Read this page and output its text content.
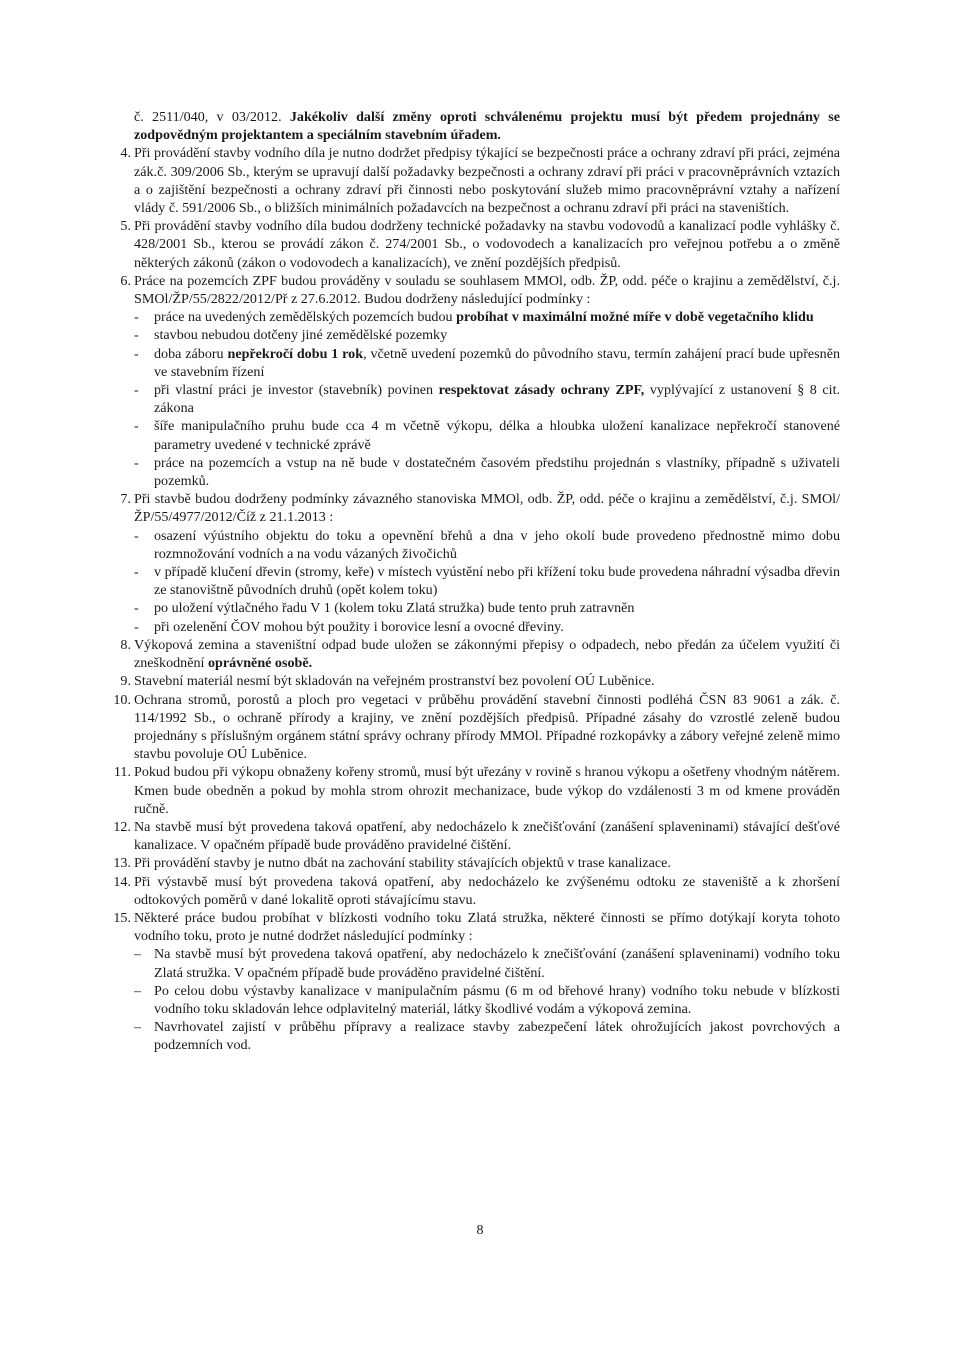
č. 2511/040, v 03/2012. Jakékoliv další změny oproti schválenému projektu musí být předem projednány se zodpovědným projektantem a speciálním stavebním úřadem.

4. Při provádění stavby vodního díla je nutno dodržet předpisy týkající se bezpečnosti práce a ochrany zdraví při práci, zejména zák.č. 309/2006 Sb., kterým se upravují další požadavky bezpečnosti a ochrany zdraví při práci v pracovněprávních vztazích a o zajištění bezpečnosti a ochrany zdraví při činnosti nebo poskytování služeb mimo pracovněprávní vztahy a nařízení vlády č. 591/2006 Sb., o bližších minimálních požadavcích na bezpečnost a ochranu zdraví při práci na staveništích.
5. Při provádění stavby vodního díla budou dodrženy technické požadavky na stavbu vodovodů a kanalizací podle vyhlášky č. 428/2001 Sb., kterou se provádí zákon č. 274/2001 Sb., o vodovodech a kanalizacích pro veřejnou potřebu a o změně některých zákonů (zákon o vodovodech a kanalizacích), ve znění pozdějších předpisů.
6. Práce na pozemcích ZPF budou prováděny v souladu se souhlasem MMOl, odb. ŽP, odd. péče o krajinu a zemědělství, č.j. SMOl/ŽP/55/2822/2012/Př z 27.6.2012. Budou dodrženy následující podmínky :
- práce na uvedených zemědělských pozemcích budou probíhat v maximální možné míře v době vegetačního klidu
- stavbou nebudou dotčeny jiné zemědělské pozemky
- doba záboru nepřekročí dobu 1 rok, včetně uvedení pozemků do původního stavu, termín zahájení prací bude upřesněn ve stavebním řízení
- při vlastní práci je investor (stavebník) povinen respektovat zásady ochrany ZPF, vyplývající z ustanovení § 8 cit. zákona
- šíře manipulačního pruhu bude cca 4 m včetně výkopu, délka a hloubka uložení kanalizace nepřekročí stanovené parametry uvedené v technické zprávě
- práce na pozemcích a vstup na ně bude v dostatečném časovém předstihu projednán s vlastníky, případně s uživateli pozemků.
7. Při stavbě budou dodrženy podmínky závazného stanoviska MMOl, odb. ŽP, odd. péče o krajinu a zemědělství, č.j. SMOl/ŽP/55/4977/2012/Číž z 21.1.2013 :
- osazení výústního objektu do toku a opevnění břehů a dna v jeho okolí bude provedeno přednostně mimo dobu rozmnožování vodních a na vodu vázaných živočichů
- v případě klučení dřevin (stromy, keře) v místech vyústění nebo při křížení toku bude provedena náhradní výsadba dřevin ze stanovištně původních druhů (opět kolem toku)
- po uložení výtlačného řadu V 1 (kolem toku Zlatá stružka) bude tento pruh zatravněn
- při ozelenění ČOV mohou být použity i borovice lesní a ovocné dřeviny.
8. Výkopová zemina a staveništní odpad bude uložen se zákonnými přepisy o odpadech, nebo předán za účelem využití či zneškodnění oprávněné osobě.
9. Stavební materiál nesmí být skladován na veřejném prostranství bez povolení OÚ Luběnice.
10. Ochrana stromů, porostů a ploch pro vegetaci v průběhu provádění stavební činnosti podléhá ČSN 83 9061 a zák. č. 114/1992 Sb., o ochraně přírody a krajiny, ve znění pozdějších předpisů. Případné zásahy do vzrostlé zeleně budou projednány s příslušným orgánem státní správy ochrany přírody MMOl. Případné rozkopávky a zábory veřejné zeleně mimo stavbu povoluje OÚ Luběnice.
11. Pokud budou při výkopu obnaženy kořeny stromů, musí být uřezány v rovině s hranou výkopu a ošetřeny vhodným nátěrem. Kmen bude obedněn a pokud by mohla strom ohrozit mechanizace, bude výkop do vzdálenosti 3 m od kmene prováděn ručně.
12. Na stavbě musí být provedena taková opatření, aby nedocházelo k znečišťování (zanášení splaveninami) stávající dešťové kanalizace. V opačném případě bude prováděno pravidelné čištění.
13. Při provádění stavby je nutno dbát na zachování stability stávajících objektů v trase kanalizace.
14. Při výstavbě musí být provedena taková opatření, aby nedocházelo ke zvýšenému odtoku ze staveniště a k zhoršení odtokových poměrů v dané lokalitě oproti stávajícímu stavu.
15. Některé práce budou probíhat v blízkosti vodního toku Zlatá stružka, některé činnosti se přímo dotýkají koryta tohoto vodního toku, proto je nutné dodržet následující podmínky :
– Na stavbě musí být provedena taková opatření, aby nedocházelo k znečišťování (zanášení splaveninami) vodního toku Zlatá stružka. V opačném případě bude prováděno pravidelné čištění.
– Po celou dobu výstavby kanalizace v manipulačním pásmu (6 m od břehové hrany) vodního toku nebude v blízkosti vodního toku skladován lehce odplavitelný materiál, látky škodlivé vodám a výkopová zemina.
– Navrhovatel zajistí v průběhu přípravy a realizace stavby zabezpečení látek ohrožujících jakost povrchových a podzemních vod.
8
